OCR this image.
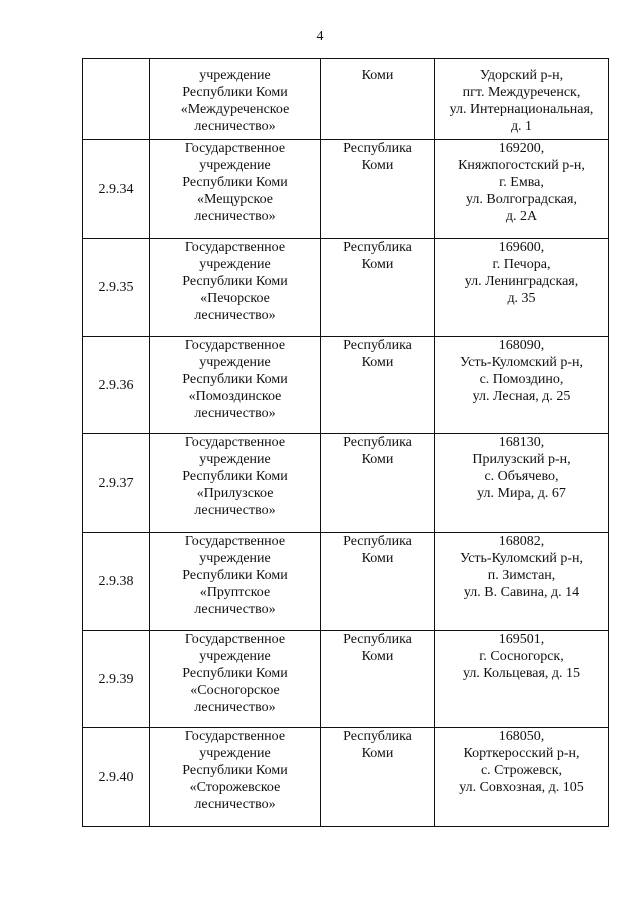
4

	учреждение
Республики Коми
«Междуреченское
лесничество»	Коми	Удорский р-н,
пгт. Междуреченск,
ул. Интернациональная,
д. 1

2.9.34	Государственное
учреждение
Республики Коми
«Мещурское
лесничество»	Республика
Коми	169200,
Княжпогостский р-н,
г. Емва,
ул. Волгоградская,
д. 2А

2.9.35	Государственное
учреждение
Республики Коми
«Печорское
лесничество»	Республика
Коми	169600,
г. Печора,
ул. Ленинградская,
д. 35

2.9.36	Государственное
учреждение
Республики Коми
«Помоздинское
лесничество»	Республика
Коми	168090,
Усть-Куломский р-н,
с. Помоздино,
ул. Лесная, д. 25

2.9.37	Государственное
учреждение
Республики Коми
«Прилузское
лесничество»	Республика
Коми	168130,
Прилузский р-н,
с. Объячево,
ул. Мира, д. 67

2.9.38	Государственное
учреждение
Республики Коми
«Пруптское
лесничество»	Республика
Коми	168082,
Усть-Куломский р-н,
п. Зимстан,
ул. В. Савина, д. 14

2.9.39	Государственное
учреждение
Республики Коми
«Сосногорское
лесничество»	Республика
Коми	169501,
г. Сосногорск,
ул. Кольцевая, д. 15

2.9.40	Государственное
учреждение
Республики Коми
«Сторожевское
лесничество»	Республика
Коми	168050,
Корткеросский р-н,
с. Строжевск,
ул. Совхозная, д. 105
